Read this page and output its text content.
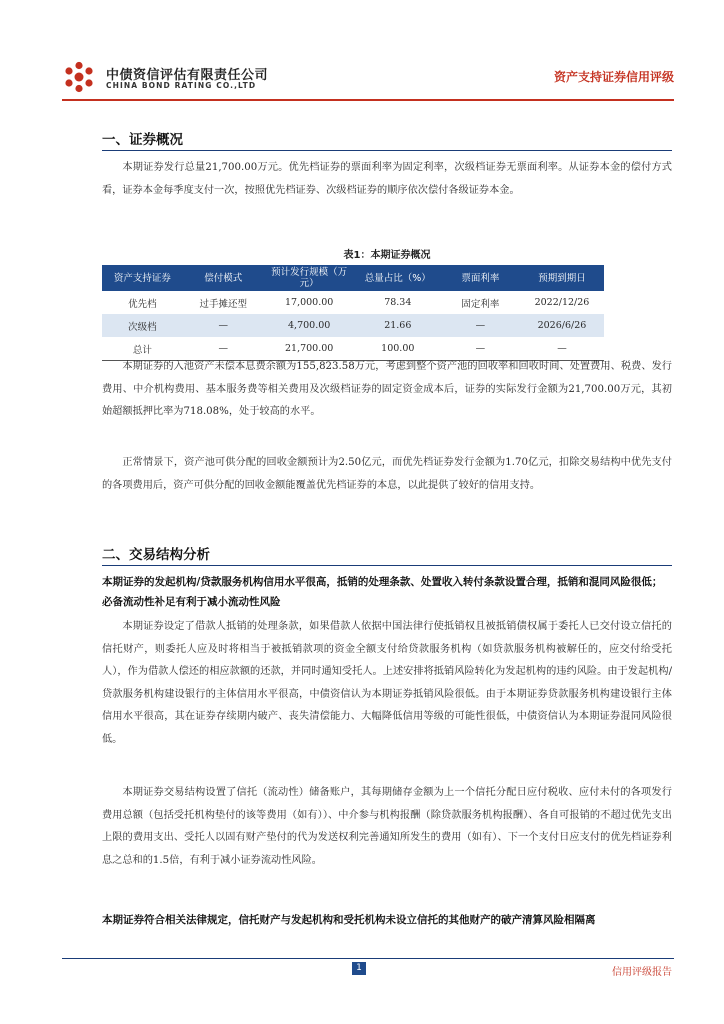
中债资信评估有限责任公司
CHINA BOND RATING CO.,LTD
资产支持证券信用评级
一、证券概况
本期证券发行总量21,700.00万元。优先档证券的票面利率为固定利率，次级档证券无票面利率。从证券本金的偿付方式看，证券本金每季度支付一次，按照优先档证券、次级档证券的顺序依次偿付各级证券本金。
表1：本期证券概况
资产支持证券	偿付模式	预计发行规模（万元）	总量占比（%）	票面利率	预期到期日
优先档	过手摊还型	17,000.00	78.34	固定利率	2022/12/26
次级档	—	4,700.00	21.66	—	2026/6/26
总计	—	21,700.00	100.00	—	—
本期证券的入池资产未偿本息费余额为155,823.58万元，考虑到整个资产池的回收率和回收时间、处置费用、税费、发行费用、中介机构费用、基本服务费等相关费用及次级档证券的固定资金成本后，证券的实际发行金额为21,700.00万元，其初始超额抵押比率为718.08%，处于较高的水平。
正常情景下，资产池可供分配的回收金额预计为2.50亿元，而优先档证券发行金额为1.70亿元，扣除交易结构中优先支付的各项费用后，资产可供分配的回收金额能覆盖优先档证券的本息，以此提供了较好的信用支持。
二、交易结构分析
本期证券的发起机构/贷款服务机构信用水平很高，抵销的处理条款、处置收入转付条款设置合理，抵销和混同风险很低；必备流动性补足有利于减小流动性风险
本期证券设定了借款人抵销的处理条款，如果借款人依据中国法律行使抵销权且被抵销债权属于委托人已交付设立信托的信托财产，则委托人应及时将相当于被抵销款项的资金全额支付给贷款服务机构（如贷款服务机构被解任的，应交付给受托人），作为借款人偿还的相应款额的还款，并同时通知受托人。上述安排将抵销风险转化为发起机构的违约风险。由于发起机构/贷款服务机构建设银行的主体信用水平很高，中债资信认为本期证券抵销风险很低。由于本期证券贷款服务机构建设银行主体信用水平很高，其在证券存续期内破产、丧失清偿能力、大幅降低信用等级的可能性很低，中债资信认为本期证券混同风险很低。
本期证券交易结构设置了信托（流动性）储备账户，其每期储存金额为上一个信托分配日应付税收、应付未付的各项发行费用总额（包括受托机构垫付的该等费用（如有））、中介参与机构报酬（除贷款服务机构报酬）、各自可报销的不超过优先支出上限的费用支出、受托人以固有财产垫付的代为发送权利完善通知所发生的费用（如有）、下一个支付日应支付的优先档证券利息之总和的1.5倍，有利于减小证券流动性风险。
本期证券符合相关法律规定，信托财产与发起机构和受托机构未设立信托的其他财产的破产清算风险相隔离
1	信用评级报告
